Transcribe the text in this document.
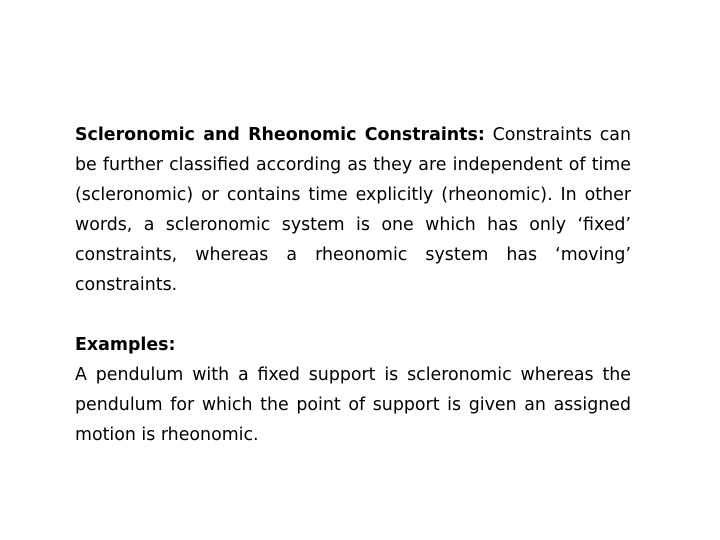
Scleronomic and Rheonomic Constraints: Constraints can be further classified according as they are independent of time (scleronomic) or contains time explicitly (rheonomic). In other words, a scleronomic system is one which has only ‘fixed’ constraints, whereas a rheonomic system has ‘moving’ constraints.

Examples:
A pendulum with a fixed support is scleronomic whereas the pendulum for which the point of support is given an assigned motion is rheonomic.
